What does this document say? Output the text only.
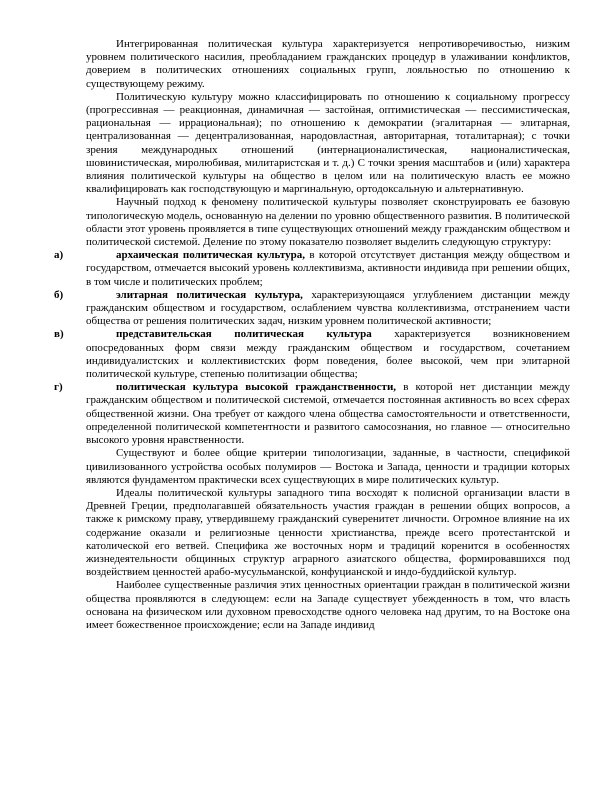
Интегрированная политическая культура характеризуется непротиворечивостью, низким уровнем политического насилия, преобладанием гражданских процедур в улаживании конфликтов, доверием в политических отношениях социальных групп, лояльностью по отношению к существующему режиму.

Политическую культуру можно классифицировать по отношению к социальному прогрессу (прогрессивная — реакционная, динамичная — застойная, оптимистическая — пессимистическая, рациональная — иррациональная); по отношению к демократии (эгалитарная — элитарная, централизованная — децентрализованная, народовластная, авторитарная, тоталитарная); с точки зрения международных отношений (интернационалистическая, националистическая, шовинистическая, миролюбивая, милитаристская и т. д.) С точки зрения масштабов и (или) характера влияния политической культуры на общество в целом или на политическую власть ее можно квалифицировать как господствующую и маргинальную, ортодоксальную и альтернативную.

Научный подход к феномену политической культуры позволяет сконструировать ее базовую типологическую модель, основанную на делении по уровню общественного развития. В политической области этот уровень проявляется в типе существующих отношений между гражданским обществом и политической системой. Деление по этому показателю позволяет выделить следующую структуру:

а)	архаическая политическая культура, в которой отсутствует дистанция между обществом и государством, отмечается высокий уровень коллективизма, активности индивида при решении общих, в том числе и политических проблем;

б)	элитарная политическая культура, характеризующаяся углублением дистанции между гражданским обществом и государством, ослаблением чувства коллективизма, отстранением части общества от решения политических задач, низким уровнем политической активности;

в)	представительская политическая культура характеризуется возникновением опосредованных форм связи между гражданским обществом и государством, сочетанием индивидуалистских и коллективистских форм поведения, более высокой, чем при элитарной политической культуре, степенью политизации общества;

г)	политическая культура высокой гражданственности, в которой нет дистанции между гражданским обществом и политической системой, отмечается постоянная активность во всех сферах общественной жизни. Она требует от каждого члена общества самостоятельности и ответственности, определенной политической компетентности и развитого самосознания, но главное — относительно высокого уровня нравственности.

Существуют и более общие критерии типологизации, заданные, в частности, спецификой цивилизованного устройства особых полумиров — Востока и Запада, ценности и традиции которых являются фундаментом практически всех существующих в мире политических культур.

Идеалы политической культуры западного типа восходят к полисной организации власти в Древней Греции, предполагавшей обязательность участия граждан в решении общих вопросов, а также к римскому праву, утвердившему гражданский суверенитет личности. Огромное влияние на их содержание оказали и религиозные ценности христианства, прежде всего протестантской и католической его ветвей. Специфика же восточных норм и традиций коренится в особенностях жизнедеятельности общинных структур аграрного азиатского общества, формировавшихся под воздействием ценностей арабо-мусульманской, конфуцианской и индо-буддийской культур.

Наиболее существенные различия этих ценностных ориентации граждан в политической жизни общества проявляются в следующем: если на Западе существует убежденность в том, что власть основана на физическом или духовном превосходстве одного человека над другим, то на Востоке она имеет божественное происхождение; если на Западе индивид
